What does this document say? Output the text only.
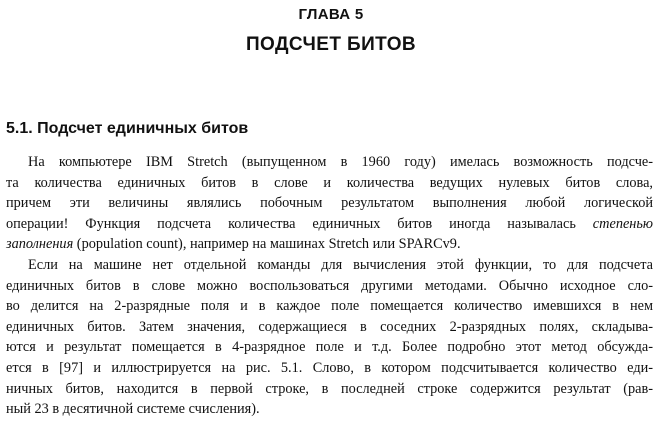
ГЛАВА 5
ПОДСЧЕТ БИТОВ
5.1. Подсчет единичных битов
На компьютере IBM Stretch (выпущенном в 1960 году) имелась возможность подсче-
та количества единичных битов в слове и количества ведущих нулевых битов слова,
причем эти величины являлись побочным результатом выполнения любой логической
операции! Функция подсчета количества единичных битов иногда называлась степенью
заполнения (population count), например на машинах Stretch или SPARCv9.
Если на машине нет отдельной команды для вычисления этой функции, то для подсчета
единичных битов в слове можно воспользоваться другими методами. Обычно исходное сло-
во делится на 2-разрядные поля и в каждое поле помещается количество имевшихся в нем
единичных битов. Затем значения, содержащиеся в соседних 2-разрядных полях, складыва-
ются и результат помещается в 4-разрядное поле и т.д. Более подробно этот метод обсужда-
ется в [97] и иллюстрируется на рис. 5.1. Слово, в котором подсчитывается количество еди-
ничных битов, находится в первой строке, в последней строке содержится результат (рав-
ный 23 в десятичной системе счисления).
